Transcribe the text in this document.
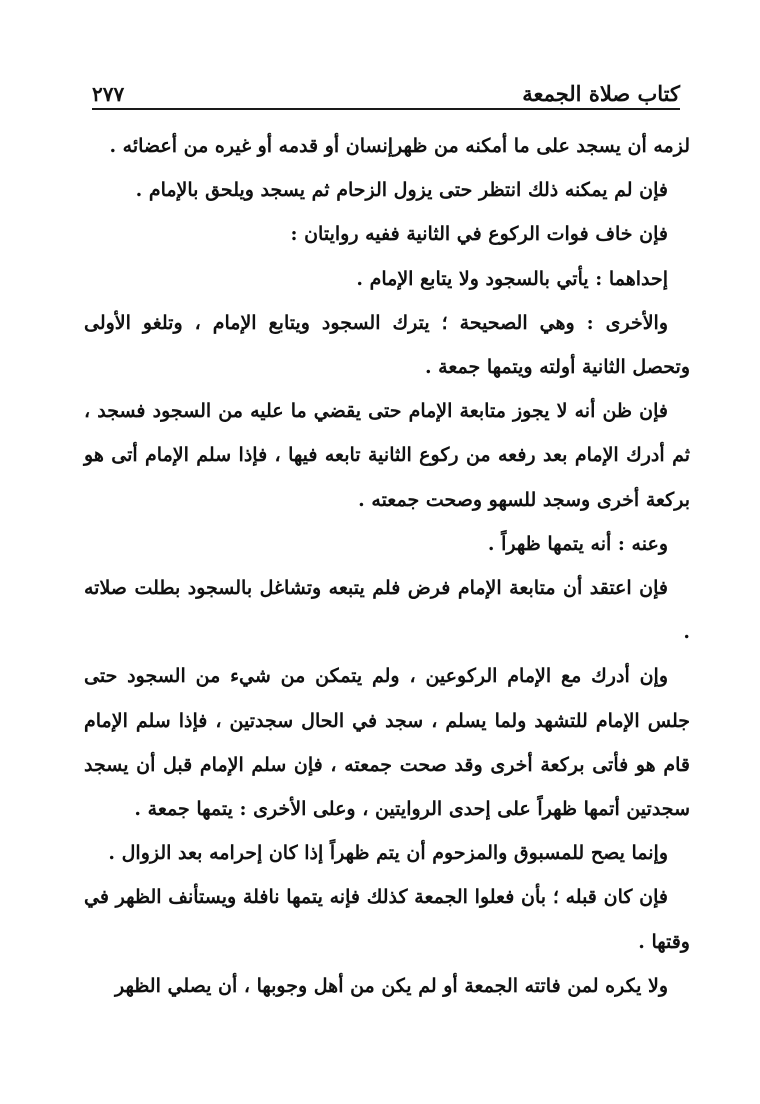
كتاب صلاة الجمعة
٢٧٧

لزمه أن يسجد على ما أمكنه من ظهرإنسان أو قدمه أو غيره من أعضائه .

فإن لم يمكنه ذلك انتظر حتى يزول الزحام ثم يسجد ويلحق بالإمام .

فإن خاف فوات الركوع في الثانية ففيه روايتان :

إحداهما : يأتي بالسجود ولا يتابع الإمام .

والأخرى : وهي الصحيحة ؛ يترك السجود ويتابع الإمام ، وتلغو الأولى وتحصل الثانية أولته ويتمها جمعة .

فإن ظن أنه لا يجوز متابعة الإمام حتى يقضي ما عليه من السجود فسجد ، ثم أدرك الإمام بعد رفعه من ركوع الثانية تابعه فيها ، فإذا سلم الإمام أتى هو بركعة أخرى وسجد للسهو وصحت جمعته .

وعنه : أنه يتمها ظهراً .

فإن اعتقد أن متابعة الإمام فرض فلم يتبعه وتشاغل بالسجود بطلت صلاته .

وإن أدرك مع الإمام الركوعين ، ولم يتمكن من شيء من السجود حتى جلس الإمام للتشهد ولما يسلم ، سجد في الحال سجدتين ، فإذا سلم الإمام قام هو فأتى بركعة أخرى وقد صحت جمعته ، فإن سلم الإمام قبل أن يسجد سجدتين أتمها ظهراً على إحدى الروايتين ، وعلى الأخرى : يتمها جمعة .

وإنما يصح للمسبوق والمزحوم أن يتم ظهراً إذا كان إحرامه بعد الزوال .

فإن كان قبله ؛ بأن فعلوا الجمعة كذلك فإنه يتمها نافلة ويستأنف الظهر في وقتها .

ولا يكره لمن فاتته الجمعة أو لم يكن من أهل وجوبها ، أن يصلي الظهر
